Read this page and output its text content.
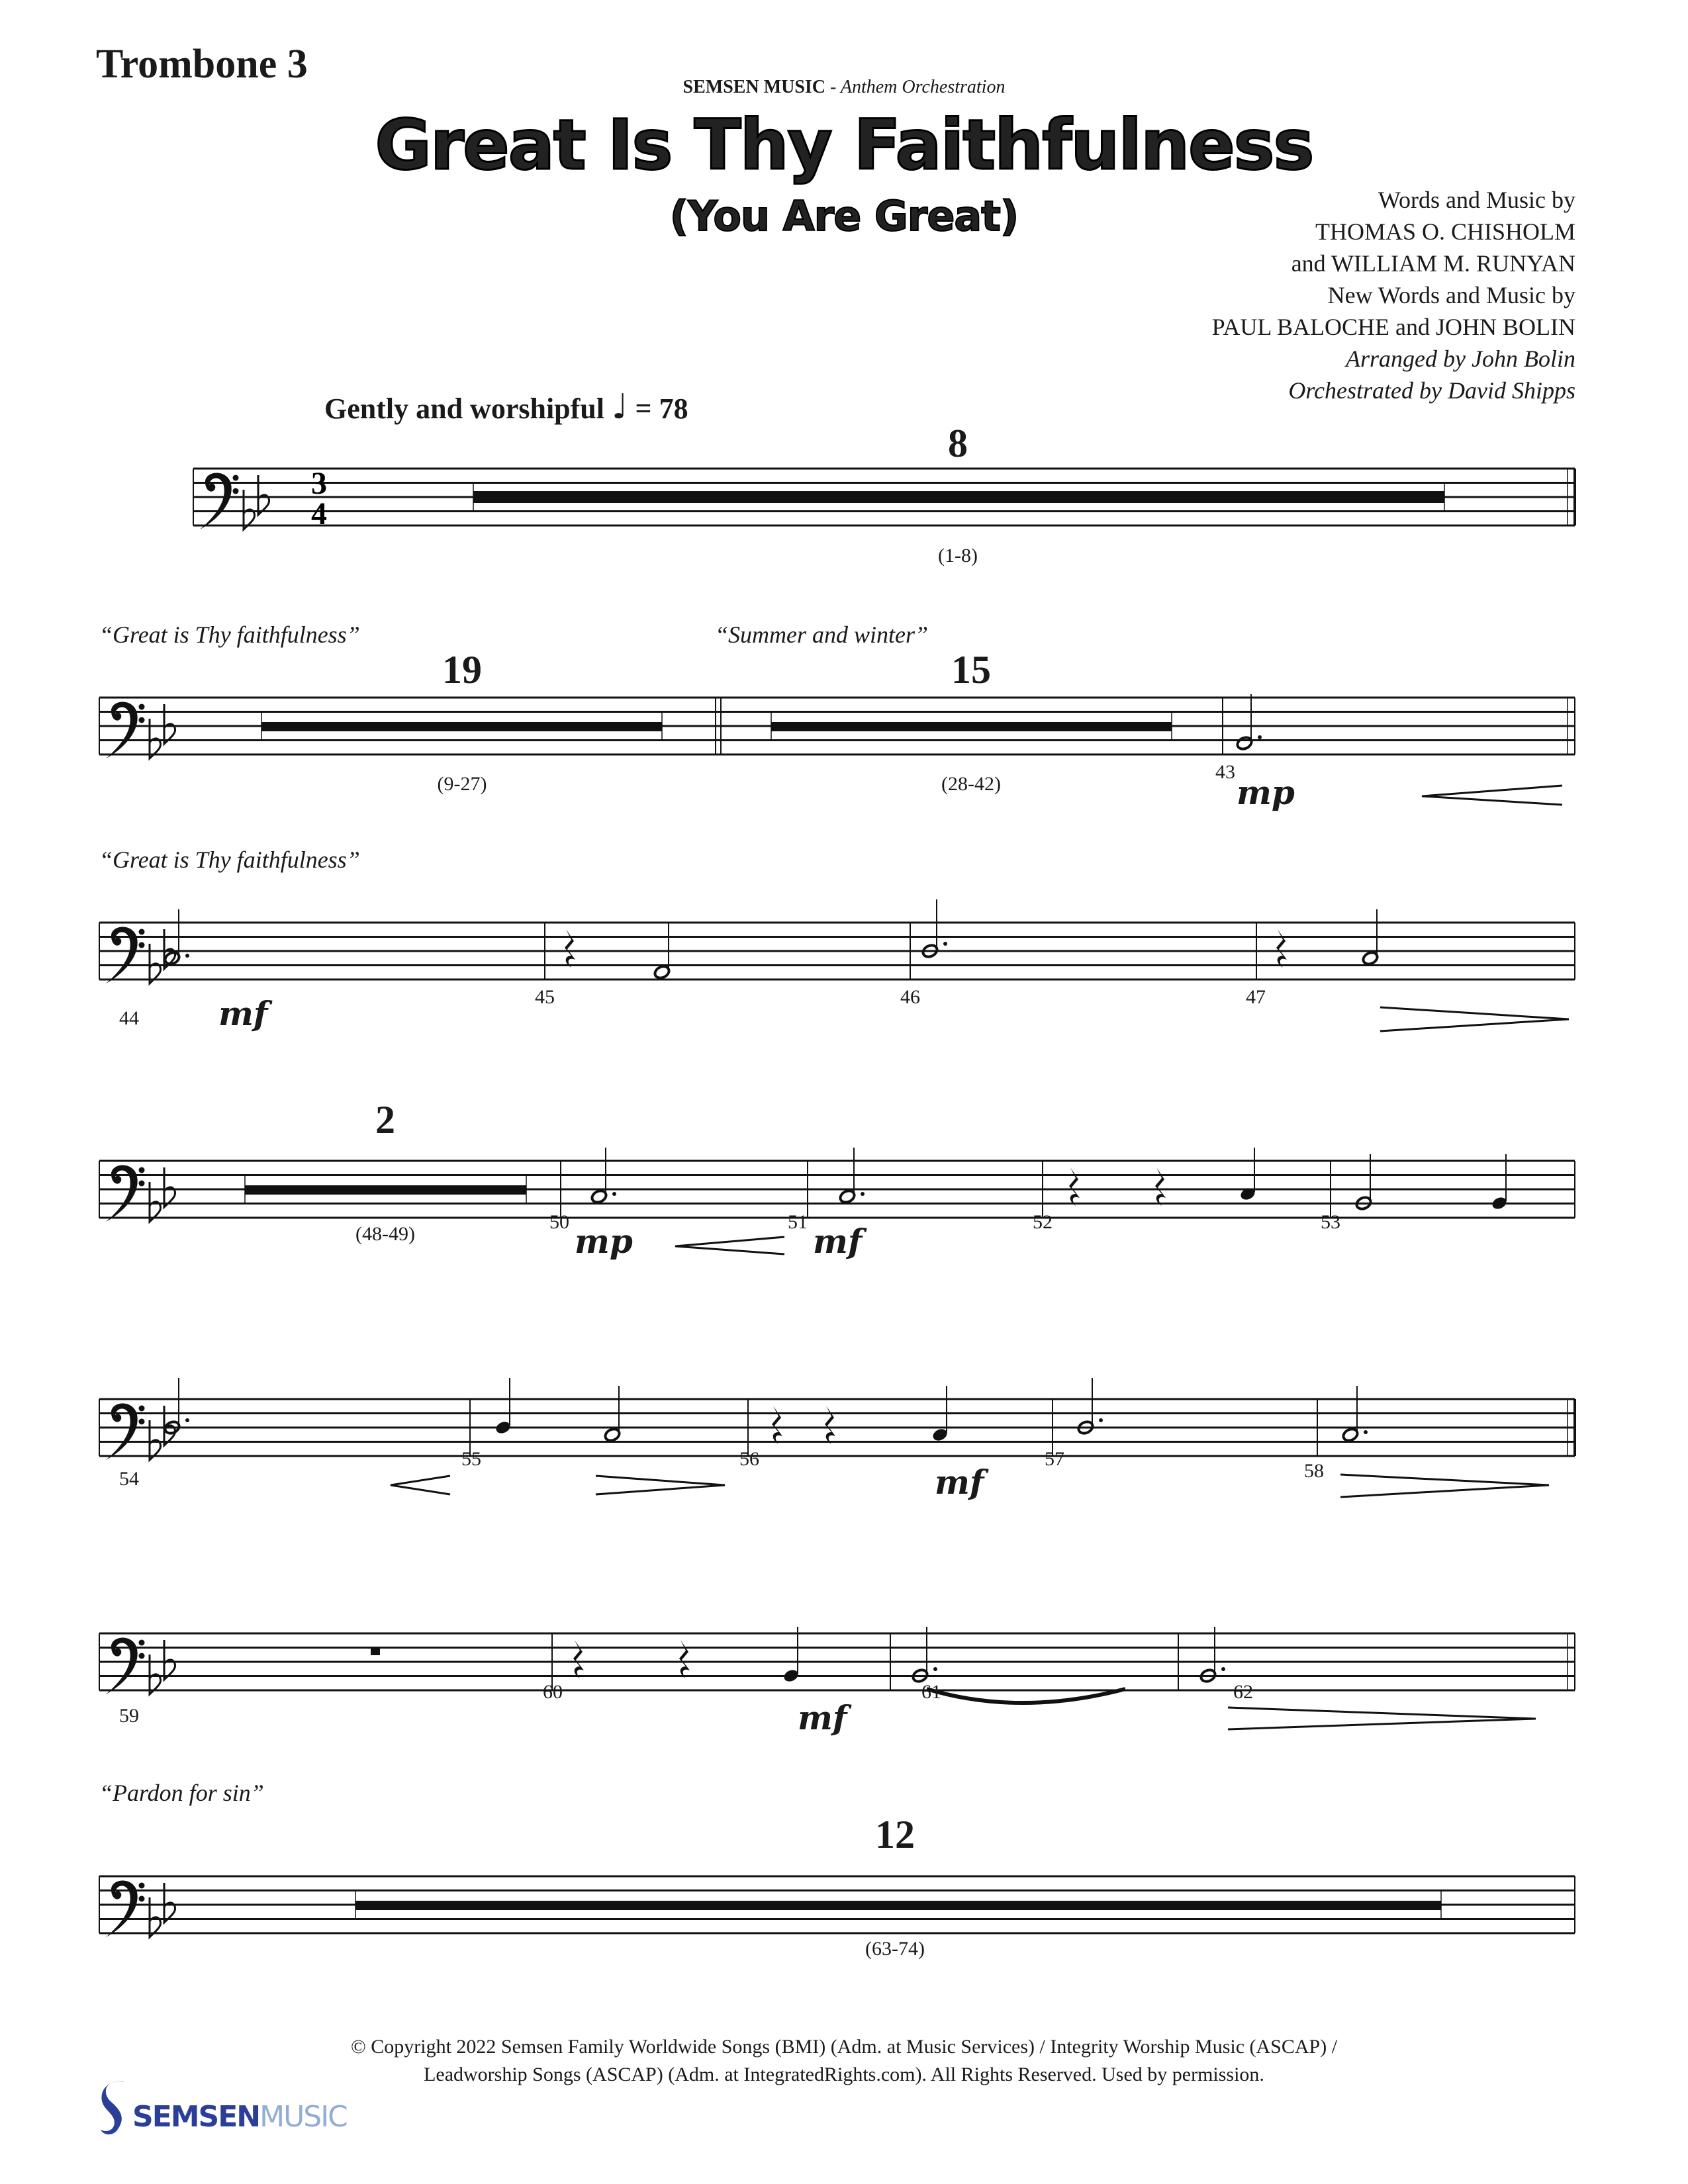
Trombone 3
SEMSEN MUSIC - Anthem Orchestration
Great Is Thy Faithfulness
(You Are Great)	Words and Music by
THOMAS O. CHISHOLM
and WILLIAM M. RUNYAN
New Words and Music by
PAUL BALOCHE and JOHN BOLIN
Arranged by John Bolin
Orchestrated by David Shipps
Gently and worshipful ♩ = 78
3
4
8
(1-8)
“Great is Thy faithfulness”	“Summer and winter”
19
(9-27)
15
(28-42)
43
mp
“Great is Thy faithfulness”
44 mf	45	46	47
2
(48-49)
50 mp	51 mf	52	53
54
55	56
mf
57
58
59
60
mf
61	62
“Pardon for sin”
12
(63-74)
© Copyright 2022 Semsen Family Worldwide Songs (BMI) (Adm. at Music Services) / Integrity Worship Music (ASCAP) /
Leadworship Songs (ASCAP) (Adm. at IntegratedRights.com). All Rights Reserved. Used by permission.
SEMSEN MUSIC
